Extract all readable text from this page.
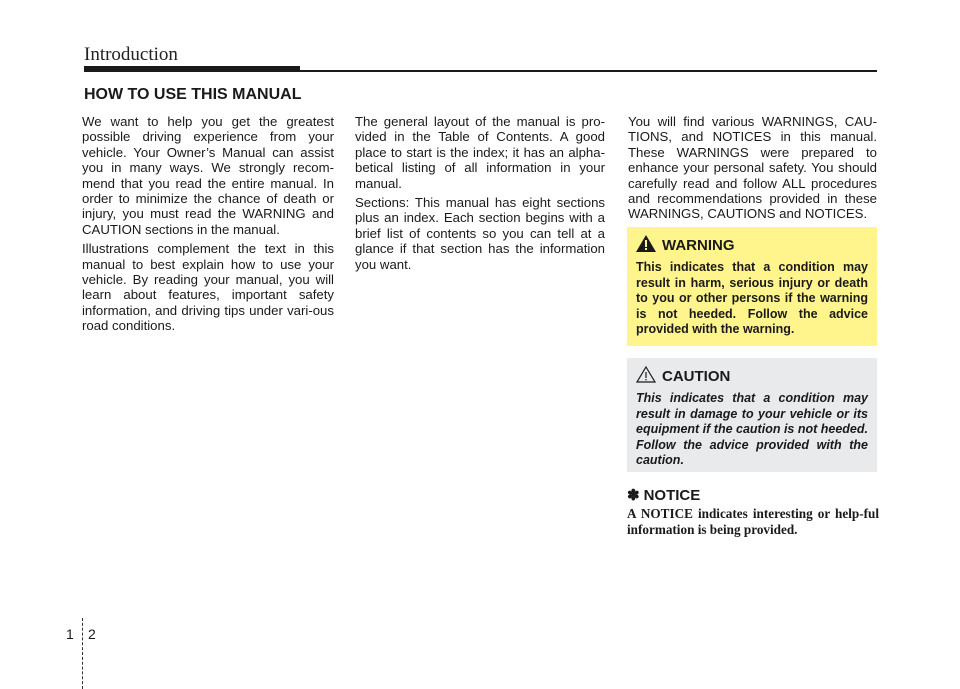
Introduction
HOW TO USE THIS MANUAL

We want to help you get the greatest possible driving experience from your vehicle. Your Owner’s Manual can assist you in many ways. We strongly recom-mend that you read the entire manual. In order to minimize the chance of death or injury, you must read the WARNING and CAUTION sections in the manual.

Illustrations complement the text in this manual to best explain how to use your vehicle. By reading your manual, you will learn about features, important safety information, and driving tips under vari-ous road conditions.

The general layout of the manual is pro-vided in the Table of Contents. A good place to start is the index; it has an alpha-betical listing of all information in your manual.

Sections: This manual has eight sections plus an index. Each section begins with a brief list of contents so you can tell at a glance if that section has the information you want.

You will find various WARNINGS, CAU-TIONS, and NOTICES in this manual. These WARNINGS were prepared to enhance your personal safety. You should carefully read and follow ALL procedures and recommendations provided in these WARNINGS, CAUTIONS and NOTICES.

WARNING
This indicates that a condition may result in harm, serious injury or death to you or other persons if the warning is not heeded. Follow the advice provided with the warning.
CAUTION
This indicates that a condition may result in damage to your vehicle or its equipment if the caution is not heeded. Follow the advice provided with the caution.
✽ NOTICE
A NOTICE indicates interesting or help-ful information is being provided.
1 2
